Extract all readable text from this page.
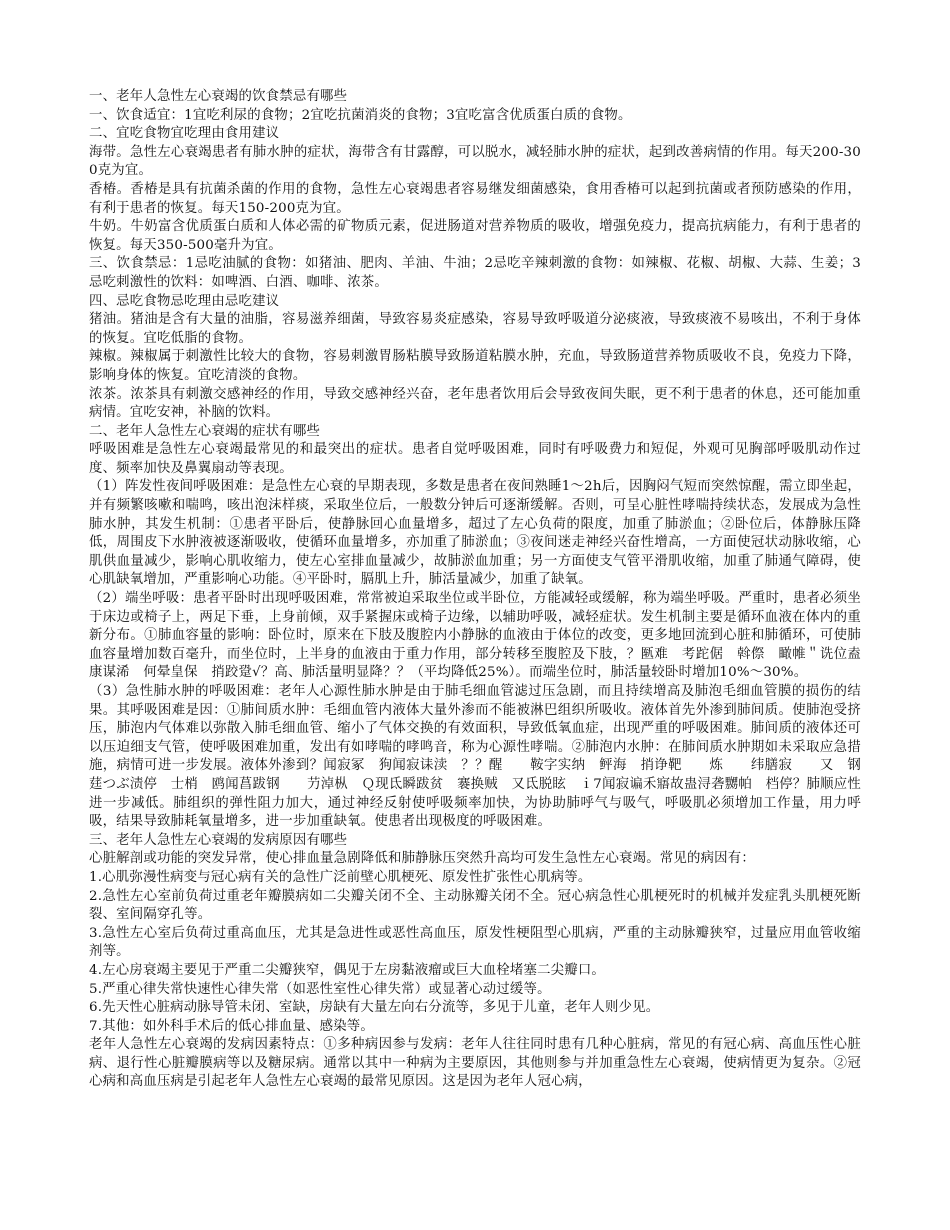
一、老年人急性左心衰竭的饮食禁忌有哪些

一、饮食适宜：1宜吃利尿的食物；2宜吃抗菌消炎的食物；3宜吃富含优质蛋白质的食物。

二、宜吃食物宜吃理由食用建议

海带。急性左心衰竭患者有肺水肿的症状，海带含有甘露醇，可以脱水，减轻肺水肿的症状，起到改善病情的作用。每天200-300克为宜。

香椿。香椿是具有抗菌杀菌的作用的食物，急性左心衰竭患者容易继发细菌感染，食用香椿可以起到抗菌或者预防感染的作用，有利于患者的恢复。每天150-200克为宜。

牛奶。牛奶富含优质蛋白质和人体必需的矿物质元素，促进肠道对营养物质的吸收，增强免疫力，提高抗病能力，有利于患者的恢复。每天350-500毫升为宜。

三、饮食禁忌：1忌吃油腻的食物：如猪油、肥肉、羊油、牛油；2忌吃辛辣刺激的食物：如辣椒、花椒、胡椒、大蒜、生姜；3忌吃刺激性的饮料：如啤酒、白酒、咖啡、浓茶。

四、忌吃食物忌吃理由忌吃建议

猪油。猪油是含有大量的油脂，容易滋养细菌，导致容易炎症感染，容易导致呼吸道分泌痰液，导致痰液不易咳出，不利于身体的恢复。宜吃低脂的食物。

辣椒。辣椒属于刺激性比较大的食物，容易刺激胃肠粘膜导致肠道粘膜水肿，充血，导致肠道营养物质吸收不良，免疫力下降，影响身体的恢复。宜吃清淡的食物。

浓茶。浓茶具有刺激交感神经的作用，导致交感神经兴奋，老年患者饮用后会导致夜间失眠，更不利于患者的休息，还可能加重病情。宜吃安神，补脑的饮料。

二、老年人急性左心衰竭的症状有哪些

呼吸困难是急性左心衰竭最常见的和最突出的症状。患者自觉呼吸困难，同时有呼吸费力和短促，外观可见胸部呼吸肌动作过度、频率加快及鼻翼扇动等表现。

（1）阵发性夜间呼吸困难：是急性左心衰的早期表现，多数是患者在夜间熟睡1～2h后，因胸闷气短而突然惊醒，需立即坐起，并有频繁咳嗽和喘鸣，咳出泡沫样痰，采取坐位后，一般数分钟后可逐渐缓解。否则，可呈心脏性哮喘持续状态，发展成为急性肺水肿，其发生机制：①患者平卧后，使静脉回心血量增多，超过了左心负荷的限度，加重了肺淤血；②卧位后，体静脉压降低，周围皮下水肿液被逐渐吸收，使循环血量增多，亦加重了肺淤血；③夜间迷走神经兴奋性增高，一方面使冠状动脉收缩，心肌供血量减少，影响心肌收缩力，使左心室排血量减少，故肺淤血加重；另一方面使支气管平滑肌收缩，加重了肺通气障碍，使心肌缺氧增加，严重影响心功能。④平卧时，膈肌上升，肺活量减少，加重了缺氧。

（2）端坐呼吸：患者平卧时出现呼吸困难，常常被迫采取坐位或半卧位，方能减轻或缓解，称为端坐呼吸。严重时，患者必须坐于床边或椅子上，两足下垂，上身前倾，双手紧握床或椅子边缘，以辅助呼吸，减轻症状。发生机制主要是循环血液在体内的重新分布。①肺血容量的影响：卧位时，原来在下肢及腹腔内小静脉的血液由于体位的改变，更多地回流到心脏和肺循环，可使肺血容量增加数百毫升，而坐位时，上半身的血液由于重力作用，部分转移至腹腔及下肢，？匦难　考跎倨　斡傺　瞰帷＂诜位盍康谋浠　何晕皇保　捎跤跫√？高、肺活量明显降？？（平均降低25%）。而端坐位时，肺活量较卧时增加10%～30%。

（3）急性肺水肿的呼吸困难：老年人心源性肺水肿是由于肺毛细血管滤过压急剧，而且持续增高及肺泡毛细血管膜的损伤的结果。其呼吸困难是因：①肺间质水肿：毛细血管内液体大量外渗而不能被淋巴组织所吸收。液体首先外渗到肺间质。使肺泡受挤压，肺泡内气体难以弥散入肺毛细血管、缩小了气体交换的有效面积，导致低氧血症，出现严重的呼吸困难。肺间质的液体还可以压迫细支气管，使呼吸困难加重，发出有如哮喘的哮鸣音，称为心源性哮喘。②肺泡内水肿：在肺间质水肿期如未采取应急措施，病情可进一步发展。液体外渗到？闻寂冢　狗闻寂诔渎　？？醒　　鞍字实纳　鲆海　捎诤靶　　炼　　纬膳寂　　又　钢　　莛つぶ渍停　士梢　鸥闻菖跋钢　　芀淖枞　Ｑ现氐瞬跋贫　褰换贼　又氐脱眩　ｉ7闻寂谝禾寤故蛊浔砻嬲帕　档停？肺顺应性进一步减低。肺组织的弹性阻力加大，通过神经反射使呼吸频率加快，为协助肺呼气与吸气，呼吸肌必须增加工作量，用力呼吸，结果导致肺耗氧量增多，进一步加重缺氧。使患者出现极度的呼吸困难。

三、老年人急性左心衰竭的发病原因有哪些

心脏解剖或功能的突发异常，使心排血量急剧降低和肺静脉压突然升高均可发生急性左心衰竭。常见的病因有：

1.心肌弥漫性病变与冠心病有关的急性广泛前壁心肌梗死、原发性扩张性心肌病等。

2.急性左心室前负荷过重老年瓣膜病如二尖瓣关闭不全、主动脉瓣关闭不全。冠心病急性心肌梗死时的机械并发症乳头肌梗死断裂、室间隔穿孔等。

3.急性左心室后负荷过重高血压，尤其是急进性或恶性高血压，原发性梗阻型心肌病，严重的主动脉瓣狭窄，过量应用血管收缩剂等。

4.左心房衰竭主要见于严重二尖瓣狭窄，偶见于左房黏液瘤或巨大血栓堵塞二尖瓣口。

5.严重心律失常快速性心律失常（如恶性室性心律失常）或显著心动过缓等。

6.先天性心脏病动脉导管未闭、室缺，房缺有大量左向右分流等，多见于儿童，老年人则少见。

7.其他：如外科手术后的低心排血量、感染等。

老年人急性左心衰竭的发病因素特点：①多种病因参与发病：老年人往往同时患有几种心脏病，常见的有冠心病、高血压性心脏病、退行性心脏瓣膜病等以及糖尿病。通常以其中一种病为主要原因，其他则参与并加重急性左心衰竭，使病情更为复杂。②冠心病和高血压病是引起老年人急性左心衰竭的最常见原因。这是因为老年人冠心病，
